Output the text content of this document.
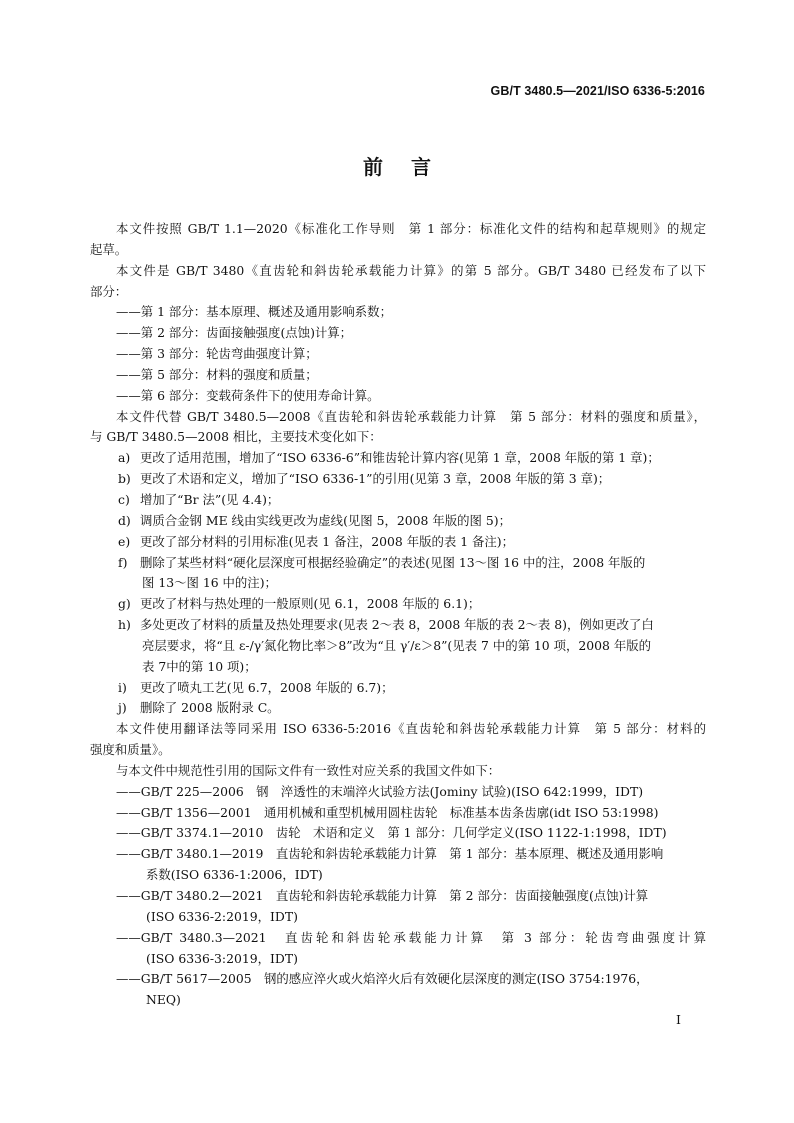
GB/T 3480.5—2021/ISO 6336-5:2016
前言
本文件按照 GB/T 1.1—2020《标准化工作导则　第 1 部分：标准化文件的结构和起草规则》的规定
起草。
本文件是 GB/T 3480《直齿轮和斜齿轮承载能力计算》的第 5 部分。GB/T 3480 已经发布了以下
部分：
——第 1 部分：基本原理、概述及通用影响系数；
——第 2 部分：齿面接触强度(点蚀)计算；
——第 3 部分：轮齿弯曲强度计算；
——第 5 部分：材料的强度和质量；
——第 6 部分：变载荷条件下的使用寿命计算。
本文件代替 GB/T 3480.5—2008《直齿轮和斜齿轮承载能力计算　第 5 部分：材料的强度和质量》，
与 GB/T 3480.5—2008 相比，主要技术变化如下：
a) 更改了适用范围，增加了“ISO 6336-6”和锥齿轮计算内容(见第 1 章，2008 年版的第 1 章)；
b) 更改了术语和定义，增加了“ISO 6336-1”的引用(见第 3 章，2008 年版的第 3 章)；
c) 增加了“Br 法”(见 4.4)；
d) 调质合金钢 ME 线由实线更改为虚线(见图 5，2008 年版的图 5)；
e) 更改了部分材料的引用标准(见表 1 备注，2008 年版的表 1 备注)；
f) 删除了某些材料“硬化层深度可根据经验确定”的表述(见图 13～图 16 中的注，2008 年版的
图 13～图 16 中的注)；
g) 更改了材料与热处理的一般原则(见 6.1，2008 年版的 6.1)；
h) 多处更改了材料的质量及热处理要求(见表 2～表 8，2008 年版的表 2～表 8)，例如更改了白
亮层要求，将“且 ε-/γ′氮化物比率＞8”改为“且 γ′/ε＞8”(见表 7 中的第 10 项，2008 年版的
表 7中的第 10 项)；
i) 更改了喷丸工艺(见 6.7，2008 年版的 6.7)；
j) 删除了 2008 版附录 C。
本文件使用翻译法等同采用 ISO 6336-5:2016《直齿轮和斜齿轮承载能力计算　第 5 部分：材料的
强度和质量》。
与本文件中规范性引用的国际文件有一致性对应关系的我国文件如下：
——GB/T 225—2006　钢　淬透性的末端淬火试验方法(Jominy 试验)(ISO 642:1999，IDT)
——GB/T 1356—2001　通用机械和重型机械用圆柱齿轮　标准基本齿条齿廓(idt ISO 53:1998)
——GB/T 3374.1—2010　齿轮　术语和定义　第 1 部分：几何学定义(ISO 1122-1:1998，IDT)
——GB/T 3480.1—2019　直齿轮和斜齿轮承载能力计算　第 1 部分：基本原理、概述及通用影响
系数(ISO 6336-1:2006，IDT)
——GB/T 3480.2—2021　直齿轮和斜齿轮承载能力计算　第 2 部分：齿面接触强度(点蚀)计算
(ISO 6336-2:2019，IDT)
——GB/T 3480.3—2021　直齿轮和斜齿轮承载能力计算　第 3 部分：轮齿弯曲强度计算
(ISO 6336-3:2019，IDT)
——GB/T 5617—2005　钢的感应淬火或火焰淬火后有效硬化层深度的测定(ISO 3754:1976，
NEQ)
I
